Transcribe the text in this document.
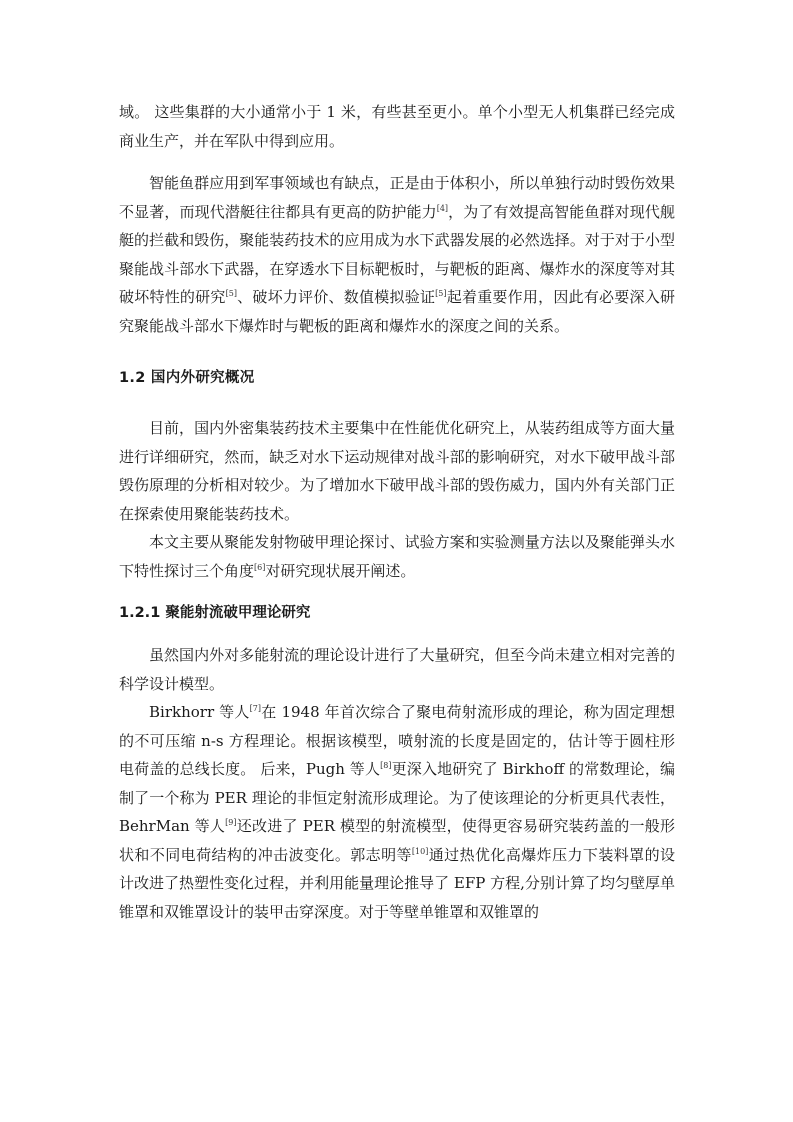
域。 这些集群的大小通常小于 1 米，有些甚至更小。单个小型无人机集群已经完成商业生产，并在军队中得到应用。

智能鱼群应用到军事领域也有缺点，正是由于体积小，所以单独行动时毁伤效果不显著，而现代潜艇往往都具有更高的防护能力[4]，为了有效提高智能鱼群对现代舰艇的拦截和毁伤，聚能装药技术的应用成为水下武器发展的必然选择。对于对于小型聚能战斗部水下武器，在穿透水下目标靶板时，与靶板的距离、爆炸水的深度等对其破坏特性的研究[5]、破坏力评价、数值模拟验证[5]起着重要作用，因此有必要深入研究聚能战斗部水下爆炸时与靶板的距离和爆炸水的深度之间的关系。

1.2 国内外研究概况

目前，国内外密集装药技术主要集中在性能优化研究上，从装药组成等方面大量进行详细研究，然而，缺乏对水下运动规律对战斗部的影响研究，对水下破甲战斗部毁伤原理的分析相对较少。为了增加水下破甲战斗部的毁伤威力，国内外有关部门正在探索使用聚能装药技术。

本文主要从聚能发射物破甲理论探讨、试验方案和实验测量方法以及聚能弹头水下特性探讨三个角度[6]对研究现状展开阐述。

1.2.1 聚能射流破甲理论研究

虽然国内外对多能射流的理论设计进行了大量研究，但至今尚未建立相对完善的科学设计模型。

Birkhorr 等人[7]在 1948 年首次综合了聚电荷射流形成的理论，称为固定理想的不可压缩 n-s 方程理论。根据该模型，喷射流的长度是固定的，估计等于圆柱形电荷盖的总线长度。 后来，Pugh 等人[8]更深入地研究了 Birkhoff 的常数理论，编制了一个称为 PER 理论的非恒定射流形成理论。为了使该理论的分析更具代表性，BehrMan 等人[9]还改进了 PER 模型的射流模型，使得更容易研究装药盖的一般形状和不同电荷结构的冲击波变化。郭志明等[10]通过热优化高爆炸压力下装料罩的设计改进了热塑性变化过程，并利用能量理论推导了 EFP 方程,分别计算了均匀壁厚单锥罩和双锥罩设计的装甲击穿深度。对于等壁单锥罩和双锥罩的
